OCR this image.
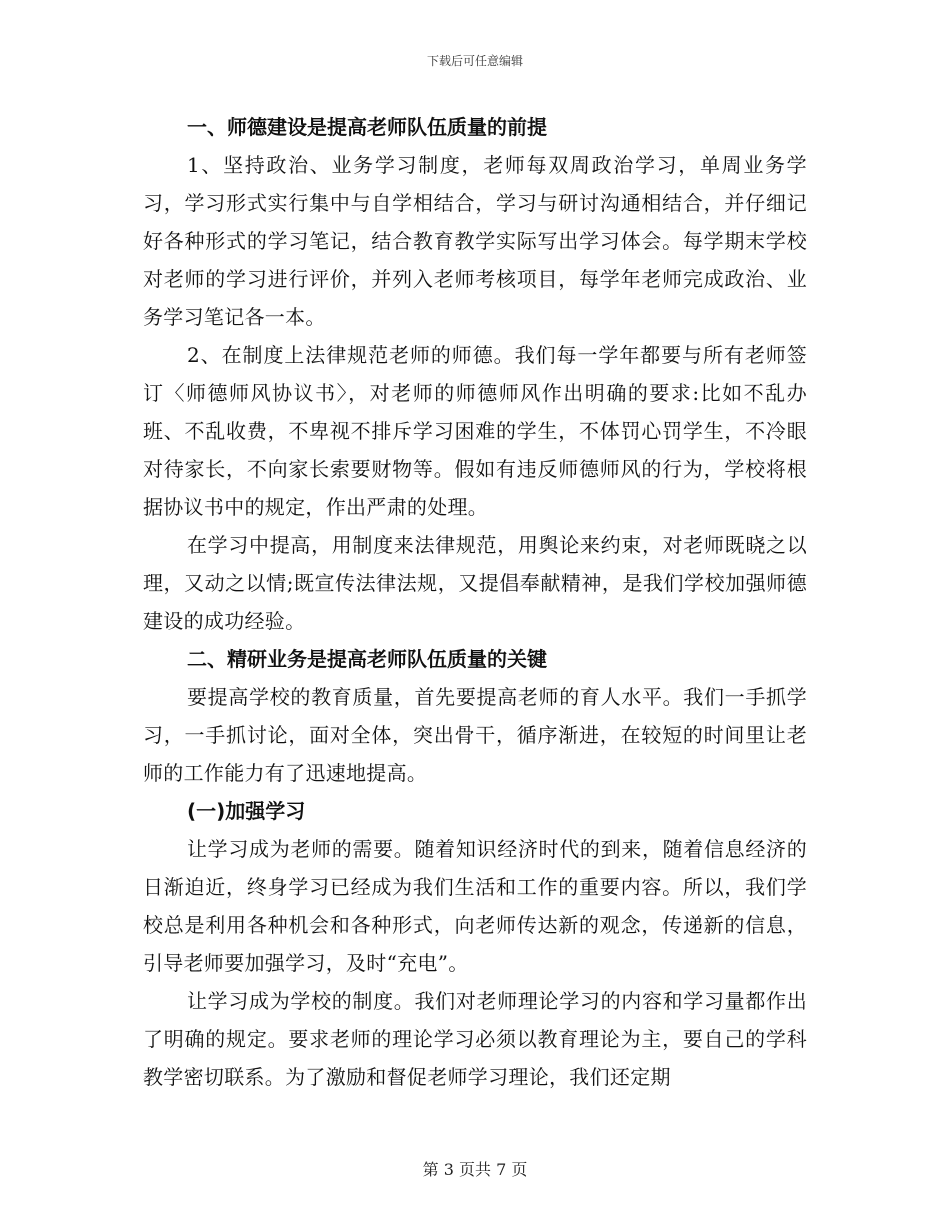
下载后可任意编辑

一、师德建设是提高老师队伍质量的前提

1、坚持政治、业务学习制度，老师每双周政治学习，单周业务学习，学习形式实行集中与自学相结合，学习与研讨沟通相结合，并仔细记好各种形式的学习笔记，结合教育教学实际写出学习体会。每学期末学校对老师的学习进行评价，并列入老师考核项目，每学年老师完成政治、业务学习笔记各一本。

2、在制度上法律规范老师的师德。我们每一学年都要与所有老师签订〈师德师风协议书〉，对老师的师德师风作出明确的要求:比如不乱办班、不乱收费，不卑视不排斥学习困难的学生，不体罚心罚学生，不冷眼对待家长，不向家长索要财物等。假如有违反师德师风的行为，学校将根据协议书中的规定，作出严肃的处理。

在学习中提高，用制度来法律规范，用舆论来约束，对老师既晓之以理，又动之以情;既宣传法律法规，又提倡奉献精神，是我们学校加强师德建设的成功经验。

二、精研业务是提高老师队伍质量的关键

要提高学校的教育质量，首先要提高老师的育人水平。我们一手抓学习，一手抓讨论，面对全体，突出骨干，循序渐进，在较短的时间里让老师的工作能力有了迅速地提高。

(一)加强学习

让学习成为老师的需要。随着知识经济时代的到来，随着信息经济的日渐迫近，终身学习已经成为我们生活和工作的重要内容。所以，我们学校总是利用各种机会和各种形式，向老师传达新的观念，传递新的信息，引导老师要加强学习，及时“充电”。

让学习成为学校的制度。我们对老师理论学习的内容和学习量都作出了明确的规定。要求老师的理论学习必须以教育理论为主，要自己的学科教学密切联系。为了激励和督促老师学习理论，我们还定期

第 3 页共 7 页
